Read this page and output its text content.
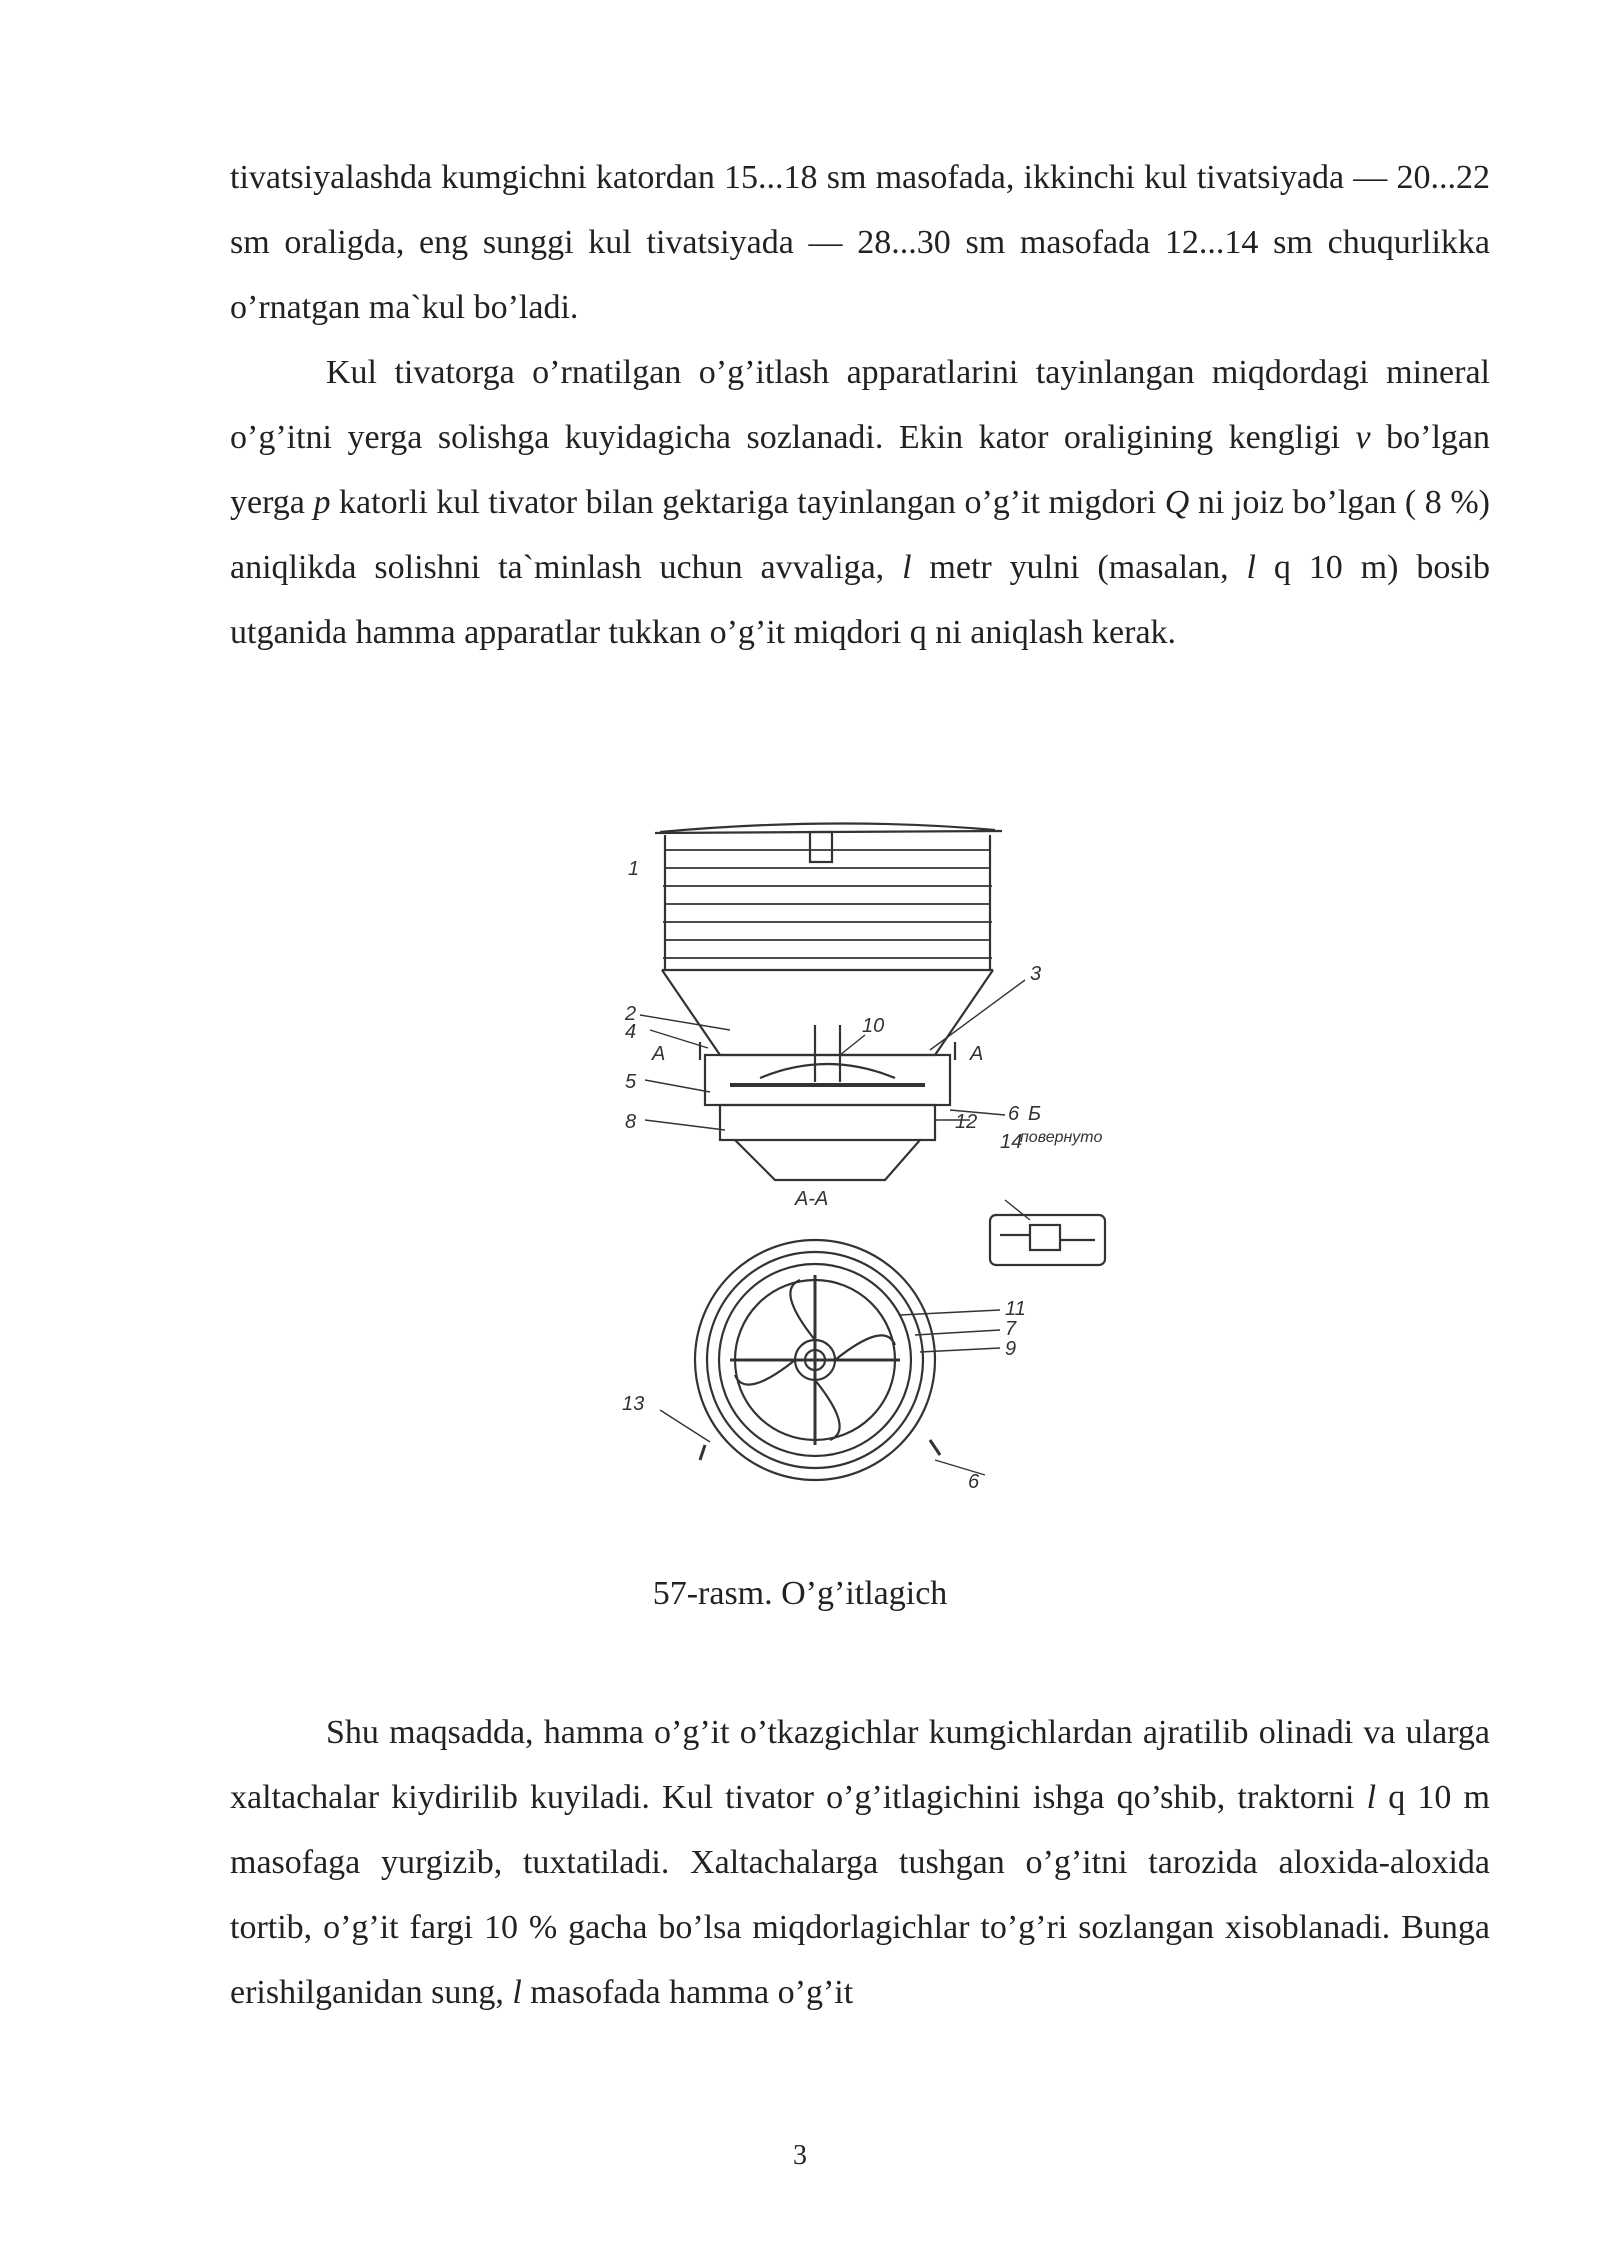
tivatsiyalashda kumgichni katordan 15...18 sm masofada, ikkinchi kul tivatsiyada — 20...22 sm oraligda, eng sunggi kul tivatsiyada — 28...30 sm masofada 12...14 sm chuqurlikka o’rnatgan ma`kul bo’ladi.

Kul tivatorga o’rnatilgan o’g’itlash apparatlarini tayinlangan miqdordagi mineral o’g’itni yerga solishga kuyidagicha sozlanadi. Ekin kator oraligining kengligi v bo’lgan yerga p katorli kul tivator bilan gektariga tayinlangan o’g’it migdori Q ni joiz bo’lgan ( 8 %) aniqlikda solishni ta`minlash uchun avvaliga, l metr yulni (masalan, l q 10 m) bosib utganida hamma apparatlar tukkan o’g’it miqdori q ni aniqlash kerak.

1
2
4
3
10
A	A
5
8	12 6 Б
повернуто
14
A-A
11
7
9
13
6
57-rasm. O’g’itlagich

Shu maqsadda, hamma o’g’it o’tkazgichlar kumgichlardan ajratilib olinadi va ularga xaltachalar kiydirilib kuyiladi. Kul tivator o’g’itlagichini ishga qo’shib, traktorni l q 10 m masofaga yurgizib, tuxtatiladi. Xaltachalarga tushgan o’g’itni tarozida aloxida-aloxida tortib, o’g’it fargi 10 % gacha bo’lsa miqdorlagichlar to’g’ri sozlangan xisoblanadi. Bunga erishilganidan sung, l masofada hamma o’g’it

3
